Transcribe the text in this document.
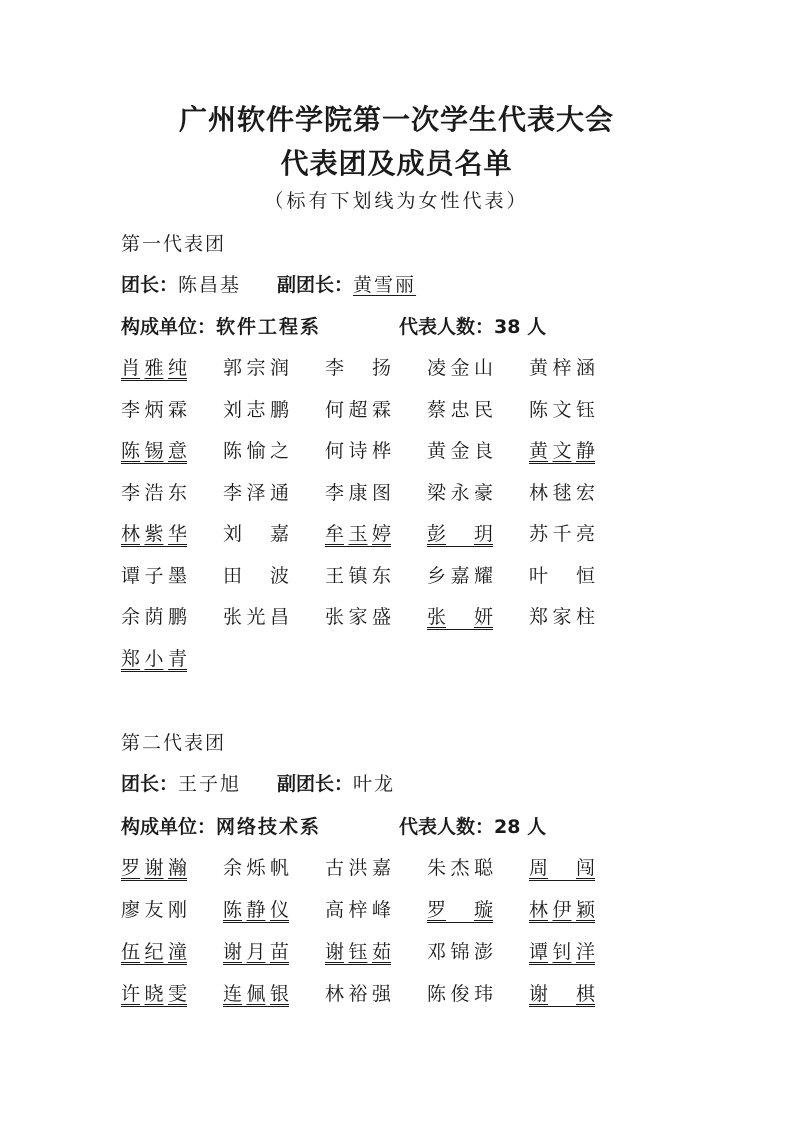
广州软件学院第一次学生代表大会
代表团及成员名单
（标有下划线为女性代表）
第一代表团
团长：陈昌基 副团长：黄雪丽
构成单位：软件工程系	代表人数：38 人
肖 雅 纯 郭 宗 润 李 扬 凌 金 山 黄 梓 涵
李 炳 霖 刘 志 鹏 何 超 霖 蔡 忠 民 陈 文 钰
陈 锡 意 陈 愉 之 何 诗 桦 黄 金 良 黄 文 静
李 浩 东 李 泽 通 李 康 图 梁 永 豪 林 毬 宏
林 紫 华 刘 嘉 牟 玉 婷 彭 玥 苏 千 亮
谭 子 墨 田 波 王 镇 东 乡 嘉 耀 叶 恒
余 荫 鹏 张 光 昌 张 家 盛 张 妍 郑 家 柱
郑 小 青
第二代表团
团长：王子旭 副团长：叶龙
构成单位：网络技术系	代表人数：28 人
罗 谢 瀚 余 烁 帆 古 洪 嘉 朱 杰 聪 周 闯
廖 友 刚 陈 静 仪 高 梓 峰 罗 璇 林 伊 颖
伍 纪 潼 谢 月 苗 谢 钰 茹 邓 锦 澎 谭 钊 洋
许 晓 雯 连 佩 银 林 裕 强 陈 俊 玮 谢 棋
